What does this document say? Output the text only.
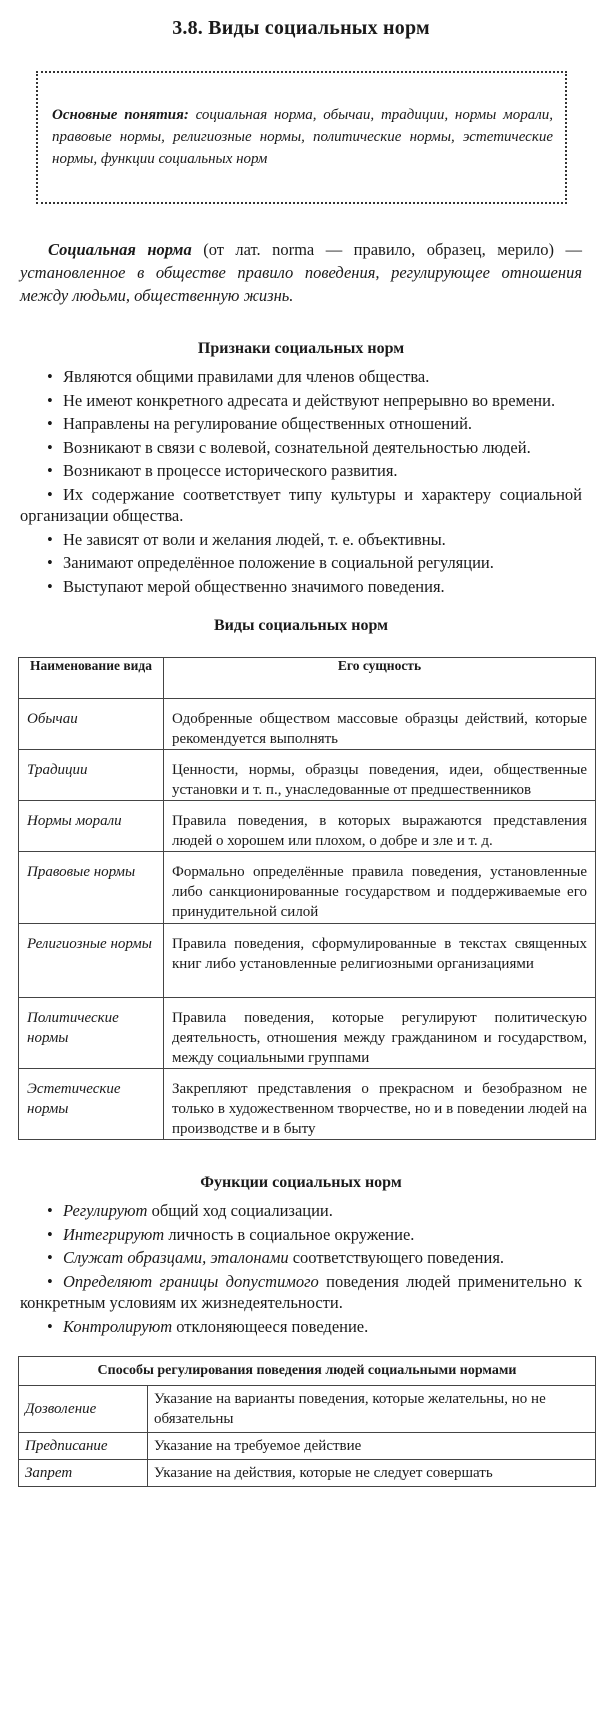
3.8. Виды социальных норм
Основные понятия: социальная норма, обычаи, традиции, нормы морали, правовые нормы, религиозные нормы, политические нормы, эстетические нормы, функции социальных норм

Социальная норма (от лат. norma — правило, образец, мерило) — установленное в обществе правило поведения, регулирующее отношения между людьми, общественную жизнь.

Признаки социальных норм
• Являются общими правилами для членов общества.
• Не имеют конкретного адресата и действуют непрерывно во времени.
• Направлены на регулирование общественных отношений.
• Возникают в связи с волевой, сознательной деятельностью людей.
• Возникают в процессе исторического развития.
• Их содержание соответствует типу культуры и характеру социальной организации общества.
• Не зависят от воли и желания людей, т. е. объективны.
• Занимают определённое положение в социальной регуляции.
• Выступают мерой общественно значимого поведения.
Виды социальных норм
Наименование вида	Его сущность
Обычаи	Одобренные обществом массовые образцы действий, которые рекомендуется выполнять
Традиции	Ценности, нормы, образцы поведения, идеи, общественные установки и т. п., унаследованные от предшественников
Нормы морали	Правила поведения, в которых выражаются представления людей о хорошем или плохом, о добре и зле и т. д.
Правовые нормы	Формально определённые правила поведения, установленные либо санкционированные государством и поддерживаемые его принудительной силой
Религиозные нормы	Правила поведения, сформулированные в текстах священных книг либо установленные религиозными организациями
Политические нормы	Правила поведения, которые регулируют политическую деятельность, отношения между гражданином и государством, между социальными группами
Эстетические нормы	Закрепляют представления о прекрасном и безобразном не только в художественном творчестве, но и в поведении людей на производстве и в быту
Функции социальных норм
• Регулируют общий ход социализации.
• Интегрируют личность в социальное окружение.
• Служат образцами, эталонами соответствующего поведения.
• Определяют границы допустимого поведения людей применительно к конкретным условиям их жизнедеятельности.
• Контролируют отклоняющееся поведение.
Способы регулирования поведения людей социальными нормами	
Дозволение	Указание на варианты поведения, которые желательны, но не обязательны
Предписание	Указание на требуемое действие
Запрет	Указание на действия, которые не следует совершать
